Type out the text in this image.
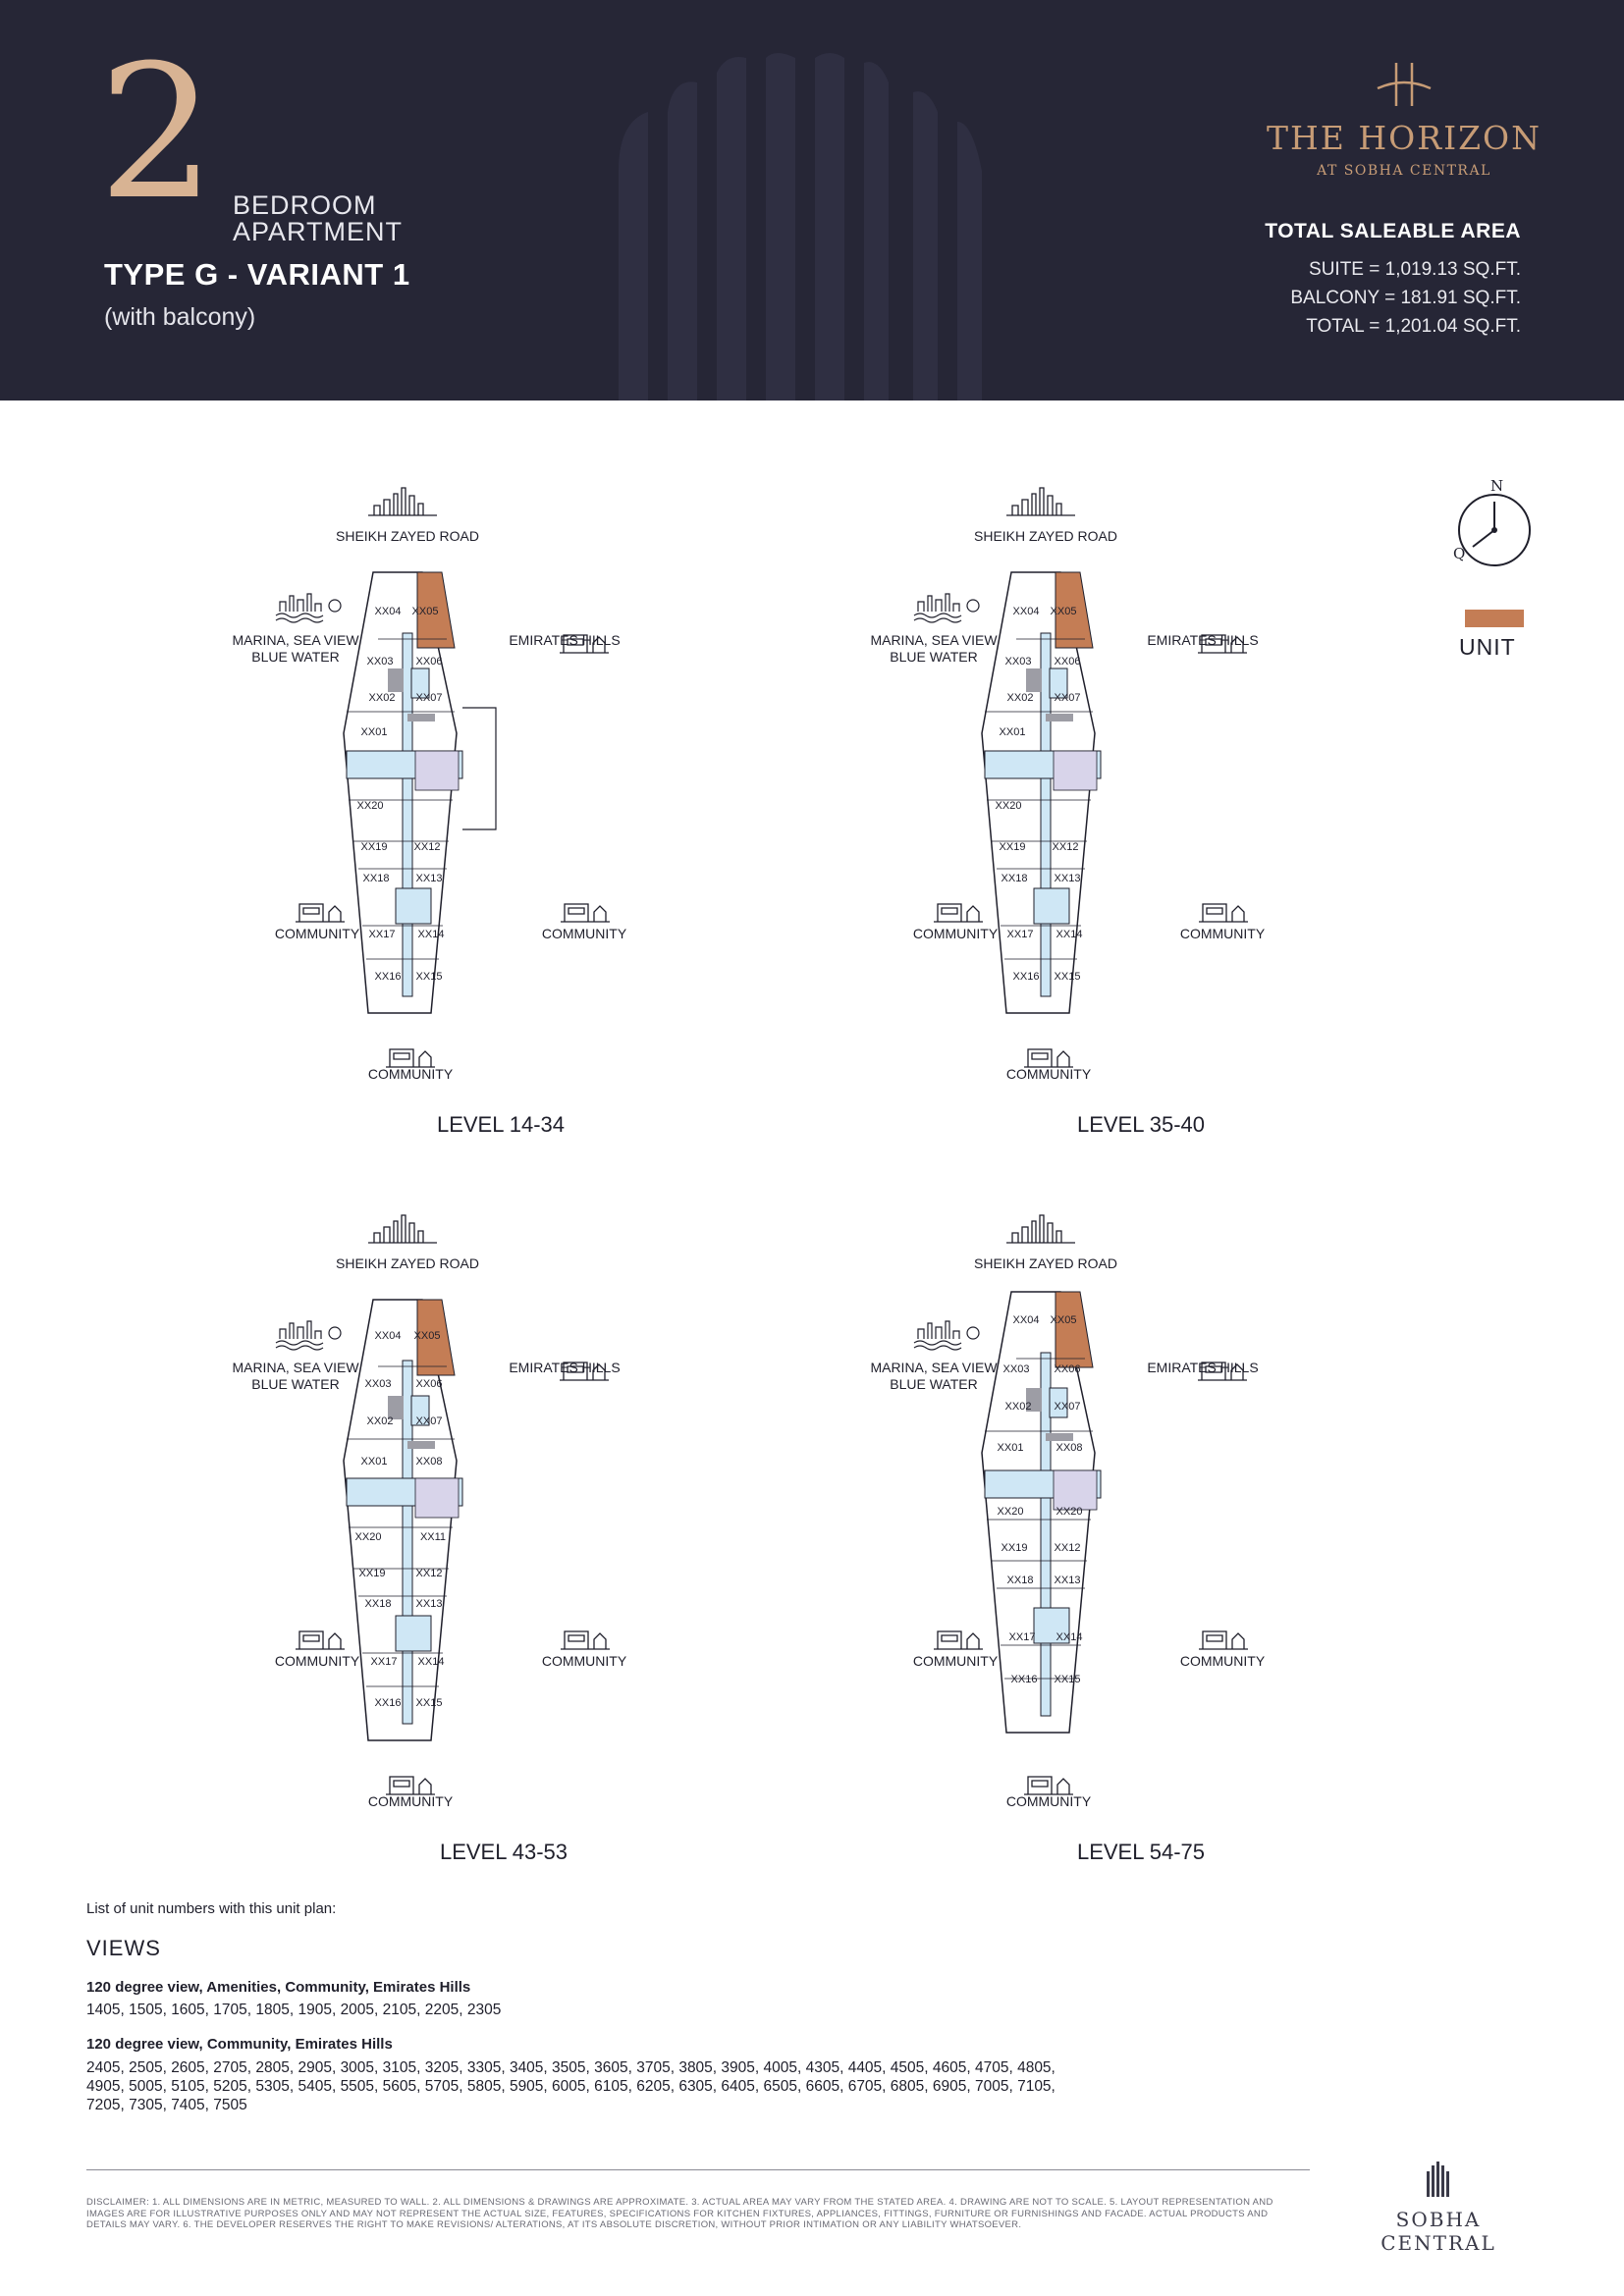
2 BEDROOM
APARTMENT
TYPE G - VARIANT 1
(with balcony)
THE HORIZON
AT SOBHA CENTRAL
TOTAL SALEABLE AREA
SUITE = 1,019.13 SQ.FT.
BALCONY = 181.91 SQ.FT.
TOTAL = 1,201.04 SQ.FT.
N
Q
UNIT
XX04 XX05
XX03 XX06
XX02 XX07
XX01
XX20
XX19 XX12
XX18 XX13
XX17 XX14
XX16 XX15
SHEIKH ZAYED ROAD
MARINA, SEA VIEW
BLUE WATER
EMIRATES HILLS
COMMUNITY	COMMUNITY
COMMUNITY
XX04 XX05
XX03 XX06
XX02 XX07
XX01
XX20
XX19 XX12
XX18 XX13
XX17 XX14
XX16 XX15
SHEIKH ZAYED ROAD
MARINA, SEA VIEW
BLUE WATER
EMIRATES HILLS
COMMUNITY	COMMUNITY
COMMUNITY
XX04 XX05
XX03 XX06
XX02 XX07
XX01	XX08
XX20	XX11
XX19	XX12
XX18 XX13
XX17 XX14
XX16 XX15
SHEIKH ZAYED ROAD
MARINA, SEA VIEW
BLUE WATER
EMIRATES HILLS
COMMUNITY	COMMUNITY
COMMUNITY
XX04 XX05
XX03 XX06
XX02 XX07
XX01	XX08
XX20	XX20
XX19 XX12
XX18 XX13
XX17 XX14
XX16 XX15
SHEIKH ZAYED ROAD
MARINA, SEA VIEW
BLUE WATER
EMIRATES HILLS
COMMUNITY	COMMUNITY
COMMUNITY
LEVEL 14-34	LEVEL 35-40
LEVEL 43-53	LEVEL 54-75
List of unit numbers with this unit plan:
VIEWS
120 degree view, Amenities, Community, Emirates Hills
1405, 1505, 1605, 1705, 1805, 1905, 2005, 2105, 2205, 2305
120 degree view, Community, Emirates Hills
2405, 2505, 2605, 2705, 2805, 2905, 3005, 3105, 3205, 3305, 3405, 3505, 3605, 3705, 3805, 3905, 4005, 4305, 4405, 4505, 4605, 4705, 4805, 4905, 5005, 5105, 5205, 5305, 5405, 5505, 5605, 5705, 5805, 5905, 6005, 6105, 6205, 6305, 6405, 6505, 6605, 6705, 6805, 6905, 7005, 7105, 7205, 7305, 7405, 7505
DISCLAIMER: 1. ALL DIMENSIONS ARE IN METRIC, MEASURED TO WALL. 2. ALL DIMENSIONS & DRAWINGS ARE APPROXIMATE. 3. ACTUAL AREA MAY VARY FROM THE STATED AREA. 4. DRAWING ARE NOT TO SCALE. 5. LAYOUT REPRESENTATION AND IMAGES ARE FOR ILLUSTRATIVE PURPOSES ONLY AND MAY NOT REPRESENT THE ACTUAL SIZE, FEATURES, SPECIFICATIONS FOR KITCHEN FIXTURES, APPLIANCES, FITTINGS, FURNITURE OR FURNISHINGS AND FACADE. ACTUAL PRODUCTS AND DETAILS MAY VARY. 6. THE DEVELOPER RESERVES THE RIGHT TO MAKE REVISIONS/ ALTERATIONS, AT ITS ABSOLUTE DISCRETION, WITHOUT PRIOR INTIMATION OR ANY LIABILITY WHATSOEVER.	SOBHA CENTRAL
